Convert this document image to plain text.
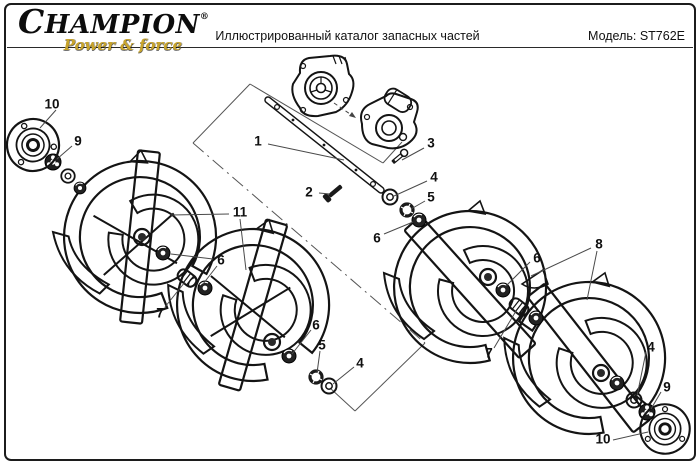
CHAMPION®
Power & force	Иллюстрированный каталог запасных частей	Модель: ST762E
10
9	1
2
3
4
5
6
11
6
7
6
5
4
8
6
7	4
9
10
